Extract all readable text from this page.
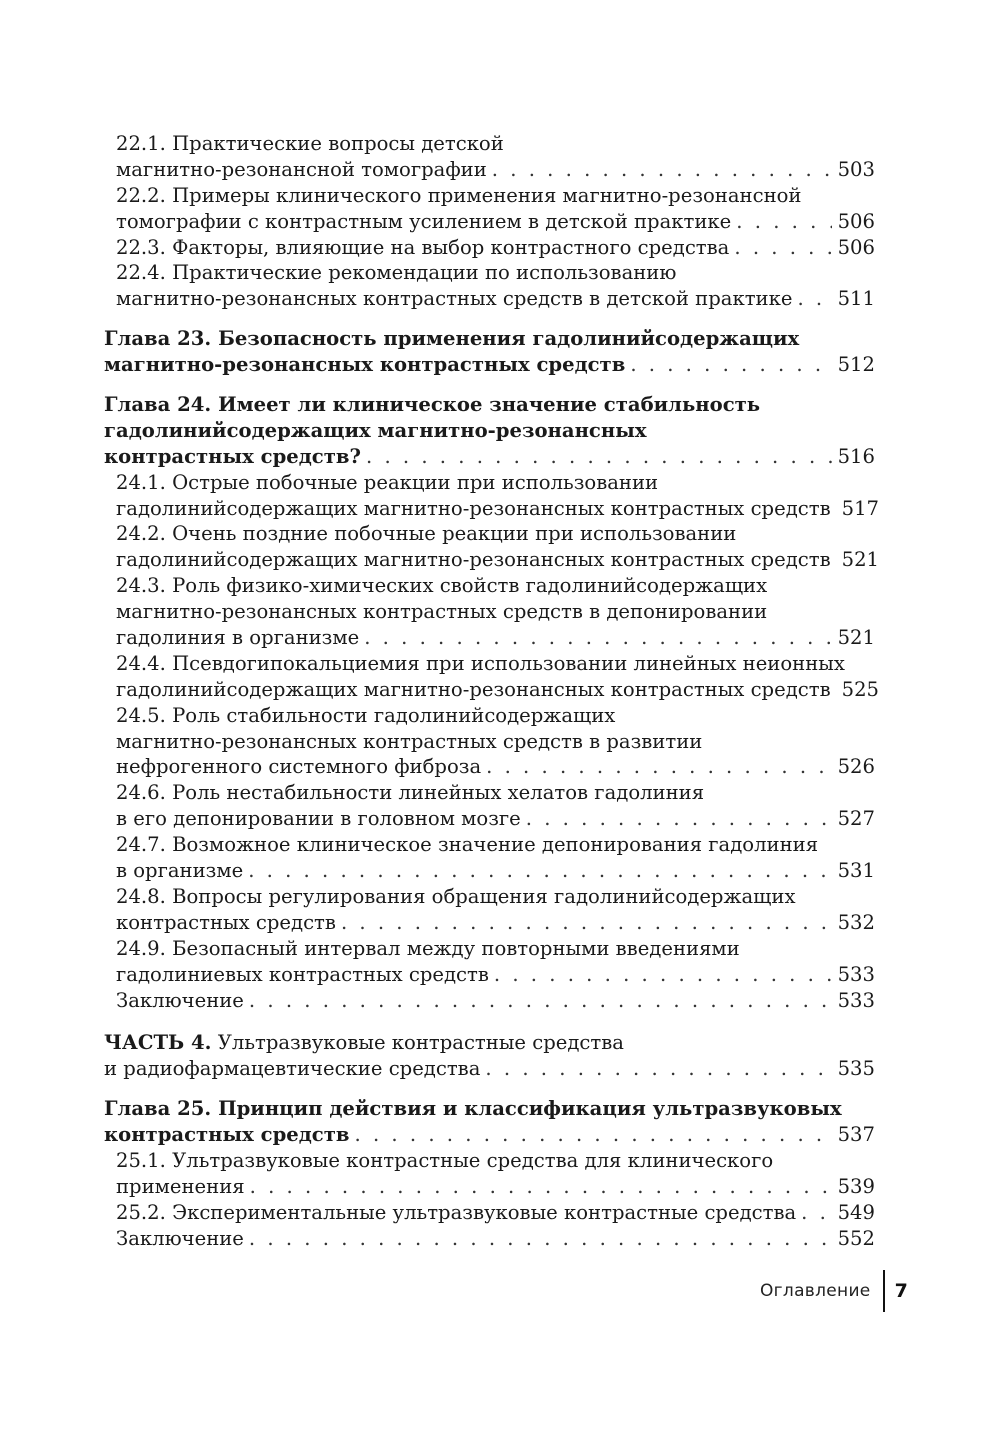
22.1. Практические вопросы детской
магнитно-резонансной томографии . . .	503
22.2. Примеры клинического применения магнитно-резонансной
томографии с контрастным усилением в детской практике . . .	506
22.3. Факторы, влияющие на выбор контрастного средства . . .	506
22.4. Практические рекомендации по использованию
магнитно-резонансных контрастных средств в детской практике . . . 511
Глава 23. Безопасность применения гадолинийсодержащих
магнитно-резонансных контрастных средств . . .	512
Глава 24. Имеет ли клиническое значение стабильность
гадолинийсодержащих магнитно-резонансных
контрастных средств? . . .	516
24.1. Острые побочные реакции при использовании
гадолинийсодержащих магнитно-резонансных контрастных средств 517
24.2. Очень поздние побочные реакции при использовании
гадолинийсодержащих магнитно-резонансных контрастных средств 521
24.3. Роль физико-химических свойств гадолинийсодержащих
магнитно-резонансных контрастных средств в депонировании
гадолиния в организме . . .	521
24.4. Псевдогипокальциемия при использовании линейных неионных
гадолинийсодержащих магнитно-резонансных контрастных средств 525
24.5. Роль стабильности гадолинийсодержащих
магнитно-резонансных контрастных средств в развитии
нефрогенного системного фиброза . . .	526
24.6. Роль нестабильности линейных хелатов гадолиния
в его депонировании в головном мозге . . .	527
24.7. Возможное клиническое значение депонирования гадолиния
в организме . . .	531
24.8. Вопросы регулирования обращения гадолинийсодержащих
контрастных средств . . .	532
24.9. Безопасный интервал между повторными введениями
гадолиниевых контрастных средств . . .	533
Заключение . . .	533
ЧАСТЬ 4. Ультразвуковые контрастные средства
и радиофармацевтические средства . . .	535
Глава 25. Принцип действия и классификация ультразвуковых
контрастных средств . . .	537
25.1. Ультразвуковые контрастные средства для клинического
применения . . .	539
25.2. Экспериментальные ультразвуковые контрастные средства . . . 549
Заключение . . .	552
Оглавление 7
